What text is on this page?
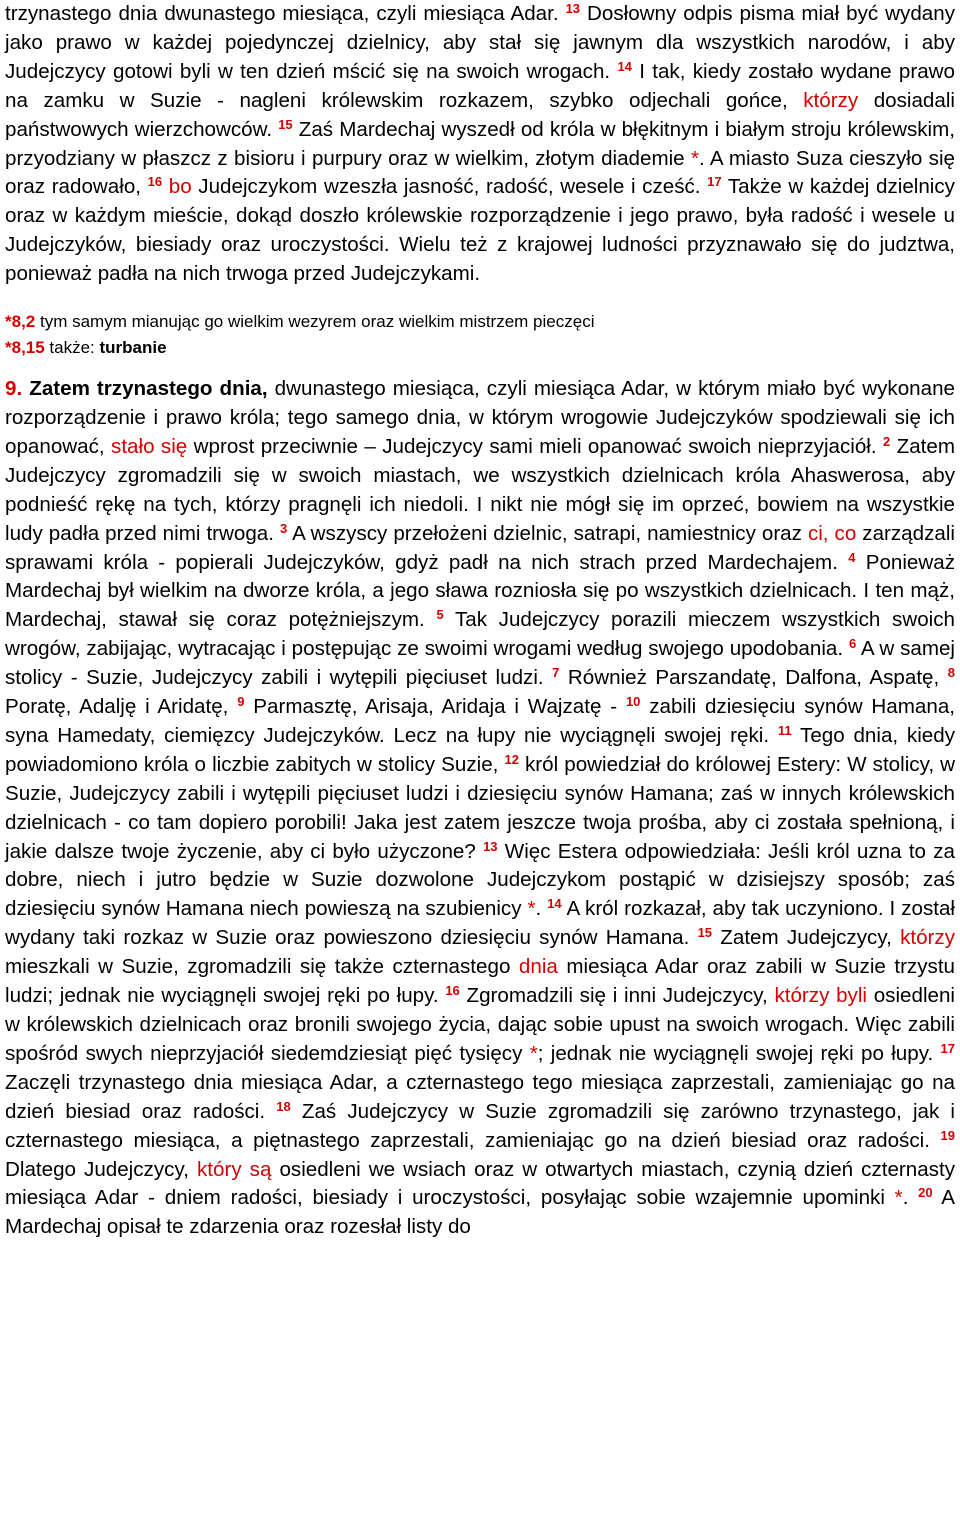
trzynastego dnia dwunastego miesiąca, czyli miesiąca Adar. $^{13}$ Dosłowny odpis pisma miał być wydany jako prawo w każdej pojedynczej dzielnicy, aby stał się jawnym dla wszystkich narodów, i aby Judejczycy gotowi byli w ten dzień mścić się na swoich wrogach. $^{14}$ I tak, kiedy zostało wydane prawo na zamku w Suzie - nagleni królewskim rozkazem, szybko odjechali gońce, którzy dosiadali państwowych wierzchowców. $^{15}$ Zaś Mardechaj wyszedł od króla w błękitnym i białym stroju królewskim, przyodziany w płaszcz z bisioru i purpury oraz w wielkim, złotym diademie *. A miasto Suza cieszyło się oraz radowało, $^{16}$ bo Judejczykom wzeszła jasność, radość, wesele i cześć. $^{17}$ Także w każdej dzielnicy oraz w każdym mieście, dokąd doszło królewskie rozporządzenie i jego prawo, była radość i wesele u Judejczyków, biesiady oraz uroczystości. Wielu też z krajowej ludności przyznawało się do judztwa, ponieważ padła na nich trwoga przed Judejczykami.

*8,2 tym samym mianując go wielkim wezyrem oraz wielkim mistrzem pieczęci
*8,15 także: turbanie

9. Zatem trzynastego dnia, dwunastego miesiąca, czyli miesiąca Adar, w którym miało być wykonane rozporządzenie i prawo króla; tego samego dnia, w którym wrogowie Judejczyków spodziewali się ich opanować, stało się wprost przeciwnie – Judejczycy sami mieli opanować swoich nieprzyjaciół. $^2$ Zatem Judejczycy zgromadzili się w swoich miastach, we wszystkich dzielnicach króla Ahaswerosa, aby podnieść rękę na tych, którzy pragnęli ich niedoli. I nikt nie mógł się im oprzeć, bowiem na wszystkie ludy padła przed nimi trwoga. $^3$ A wszyscy przełożeni dzielnic, satrapi, namiestnicy oraz ci, co zarządzali sprawami króla - popierali Judejczyków, gdyż padł na nich strach przed Mardechajem. $^4$ Ponieważ Mardechaj był wielkim na dworze króla, a jego sława rozniosła się po wszystkich dzielnicach. I ten mąż, Mardechaj, stawał się coraz potężniejszym. $^5$ Tak Judejczycy porazili mieczem wszystkich swoich wrogów, zabijając, wytracając i postępując ze swoimi wrogami według swojego upodobania. $^6$ A w samej stolicy - Suzie, Judejczycy zabili i wytępili pięciuset ludzi. $^7$ Również Parszandatę, Dalfona, Aspatę, $^8$ Poratę, Adalję i Aridatę, $^9$ Parmasztę, Arisaja, Aridaja i Wajzatę - $^{10}$ zabili dziesięciu synów Hamana, syna Hamedaty, ciemięzcy Judejczyków. Lecz na łupy nie wyciągnęli swojej ręki. $^{11}$ Tego dnia, kiedy powiadomiono króla o liczbie zabitych w stolicy Suzie, $^{12}$ król powiedział do królowej Estery: W stolicy, w Suzie, Judejczycy zabili i wytępili pięciuset ludzi i dziesięciu synów Hamana; zaś w innych królewskich dzielnicach - co tam dopiero porobili! Jaka jest zatem jeszcze twoja prośba, aby ci została spełnioną, i jakie dalsze twoje życzenie, aby ci było użyczone? $^{13}$ Więc Estera odpowiedziała: Jeśli król uzna to za dobre, niech i jutro będzie w Suzie dozwolone Judejczykom postąpić w dzisiejszy sposób; zaś dziesięciu synów Hamana niech powieszą na szubienicy *. $^{14}$ A król rozkazał, aby tak uczyniono. I został wydany taki rozkaz w Suzie oraz powieszono dziesięciu synów Hamana. $^{15}$ Zatem Judejczycy, którzy mieszkali w Suzie, zgromadzili się także czternastego dnia miesiąca Adar oraz zabili w Suzie trzystu ludzi; jednak nie wyciągnęli swojej ręki po łupy. $^{16}$ Zgromadzili się i inni Judejczycy, którzy byli osiedleni w królewskich dzielnicach oraz bronili swojego życia, dając sobie upust na swoich wrogach. Więc zabili spośród swych nieprzyjaciół siedemdziesiąt pięć tysięcy *; jednak nie wyciągnęli swojej ręki po łupy. $^{17}$ Zaczęli trzynastego dnia miesiąca Adar, a czternastego tego miesiąca zaprzestali, zamieniając go na dzień biesiad oraz radości. $^{18}$ Zaś Judejczycy w Suzie zgromadzili się zarówno trzynastego, jak i czternastego miesiąca, a piętnastego zaprzestali, zamieniając go na dzień biesiad oraz radości. $^{19}$ Dlatego Judejczycy, który są osiedleni we wsiach oraz w otwartych miastach, czynią dzień czternasty miesiąca Adar - dniem radości, biesiady i uroczystości, posyłając sobie wzajemnie upominki *. $^{20}$ A Mardechaj opisał te zdarzenia oraz rozesłał listy do
